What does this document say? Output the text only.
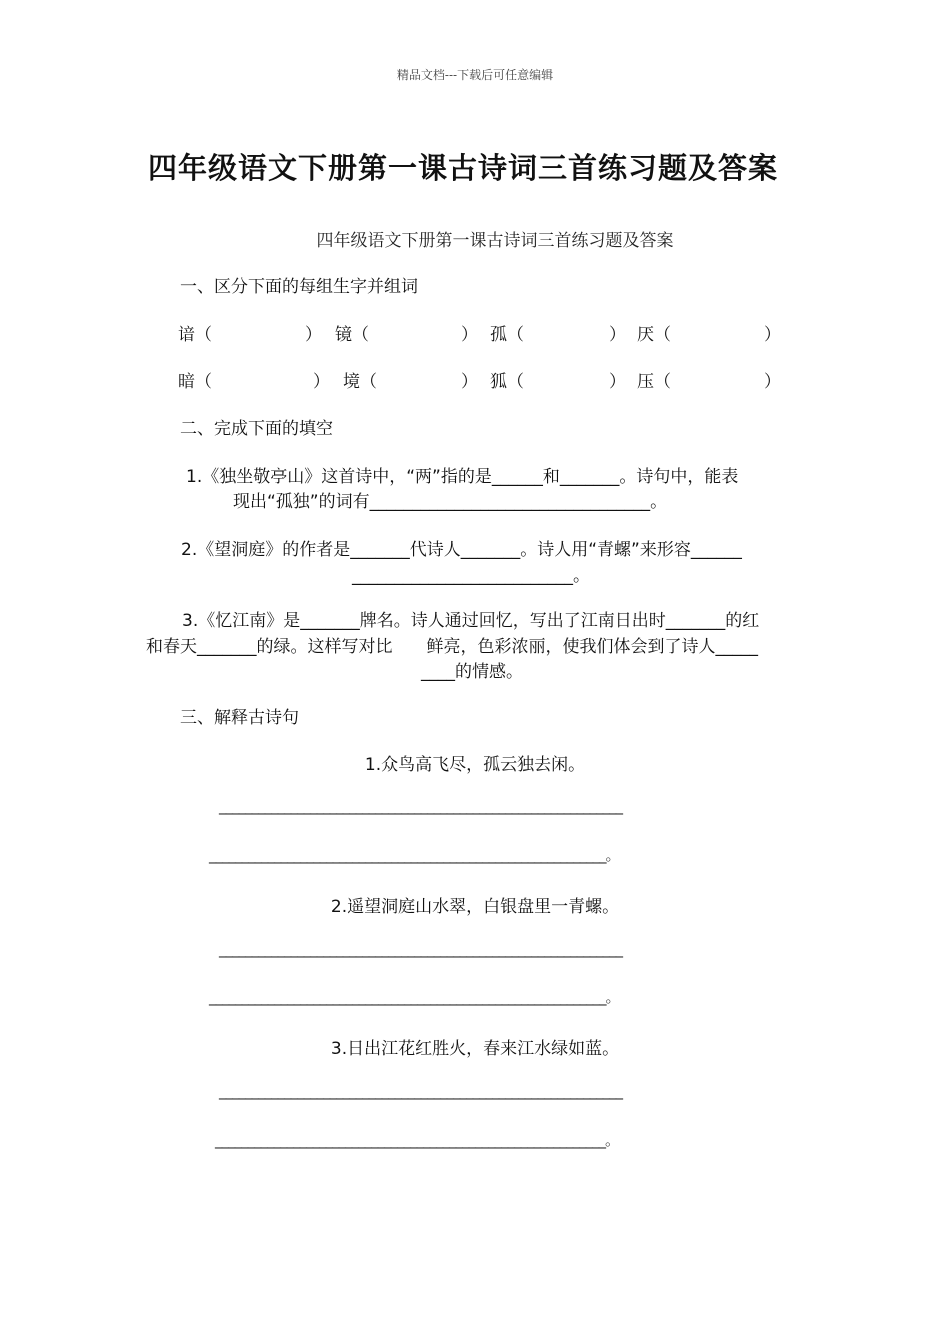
精品文档---下载后可任意编辑
四年级语文下册第一课古诗词三首练习题及答案
四年级语文下册第一课古诗词三首练习题及答案
一、区分下面的每组生字并组词
谙（	） 镜（	） 孤（	） 厌（	）
暗（	） 境（	） 狐（	） 压（	）
二、完成下面的填空
1.《独坐敬亭山》这首诗中，“两”指的是______和_______。诗句中，能表
现出“孤独”的词有_________________________________。
2.《望洞庭》的作者是_______代诗人_______。诗人用“青螺”来形容______
__________________________。
3.《忆江南》是_______牌名。诗人通过回忆，写出了江南日出时_______的红
和春天_______的绿。这样写对比　　鲜亮，色彩浓丽，使我们体会到了诗人_____
____的情感。
三、解释古诗句
1.众鸟高飞尽，孤云独去闲。
______________________________________________________________
_____________________________________________________________。
2.遥望洞庭山水翠，白银盘里一青螺。
______________________________________________________________
_____________________________________________________________。
3.日出江花红胜火，春来江水绿如蓝。
______________________________________________________________
____________________________________________________________。
